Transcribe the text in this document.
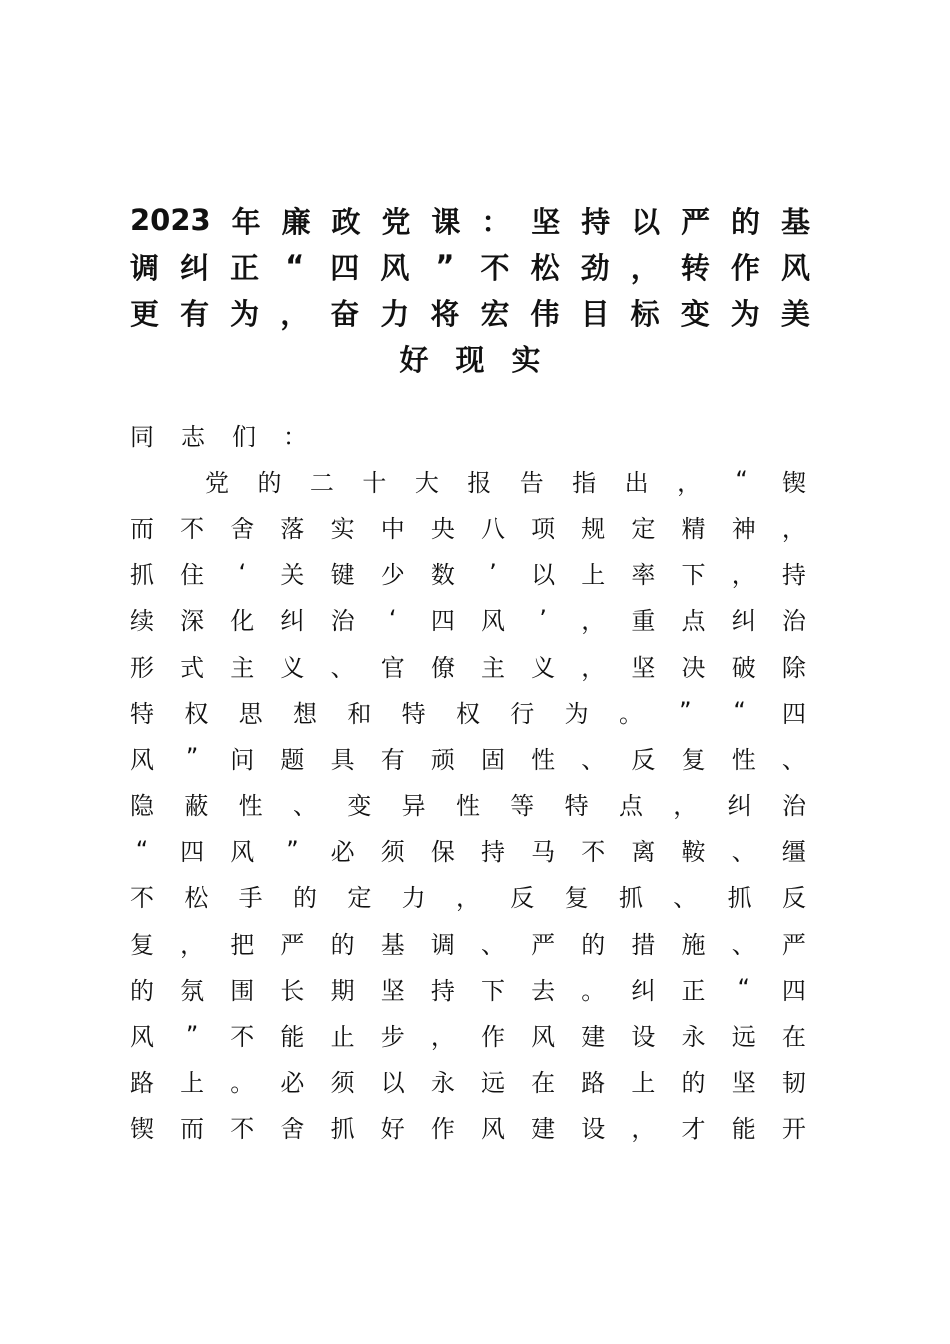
2023 年 廉 政 党 课 ： 坚 持 以 严 的 基
调 纠 正 “ 四 风 ” 不 松 劲 ， 转 作 风
更 有 为 ， 奋 力 将 宏 伟 目 标 变 为 美
好 现 实
同 志 们 ：
党 的 二 十 大 报 告 指 出 ， “ 锲
而 不 舍 落 实 中 央 八 项 规 定 精 神 ，
抓 住	‘	关 键 少 数	’	以 上 率 下 ， 持
续 深 化 纠 治	‘	四 风	’	， 重 点 纠 治
形 式 主 义 、 官 僚 主 义 ， 坚 决 破 除
特 权 思 想 和 特 权 行 为 。 ” “ 四
风 ” 问 题 具 有 顽 固 性 、 反 复 性 、
隐 蔽 性 、 变 异 性 等 特 点 ， 纠 治
“ 四 风 ” 必 须 保 持 马 不 离 鞍 、 缰
不 松 手 的 定 力 ， 反 复 抓 、 抓 反
复 ， 把 严 的 基 调 、 严 的 措 施 、 严
的 氛 围 长 期 坚 持 下 去 。 纠 正 “ 四
风 ” 不 能 止 步 ， 作 风 建 设 永 远 在
路 上 。 必 须 以 永 远 在 路 上 的 坚 韧
锲 而 不 舍 抓 好 作 风 建 设 ， 才 能 开
